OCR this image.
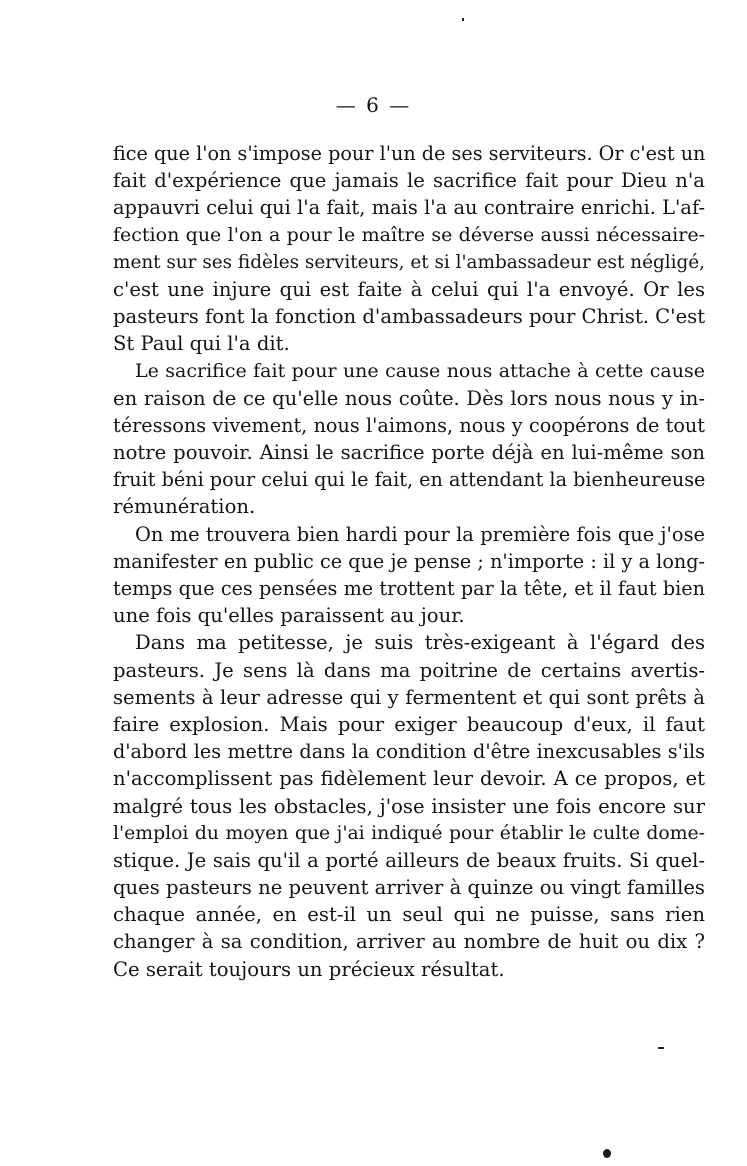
— 6 —
fice que l'on s'impose pour l'un de ses serviteurs. Or c'est un
fait d'expérience que jamais le sacrifice fait pour Dieu n'a
appauvri celui qui l'a fait, mais l'a au contraire enrichi. L'af-
fection que l'on a pour le maître se déverse aussi nécessaire-
ment sur ses fidèles serviteurs, et si l'ambassadeur est négligé,
c'est une injure qui est faite à celui qui l'a envoyé. Or les
pasteurs font la fonction d'ambassadeurs pour Christ. C'est
St Paul qui l'a dit.
Le sacrifice fait pour une cause nous attache à cette cause
en raison de ce qu'elle nous coûte. Dès lors nous nous y in-
téressons vivement, nous l'aimons, nous y coopérons de tout
notre pouvoir. Ainsi le sacrifice porte déjà en lui-même son
fruit béni pour celui qui le fait, en attendant la bienheureuse
rémunération.
On me trouvera bien hardi pour la première fois que j'ose
manifester en public ce que je pense ; n'importe : il y a long-
temps que ces pensées me trottent par la tête, et il faut bien
une fois qu'elles paraissent au jour.
Dans ma petitesse, je suis très-exigeant à l'égard des
pasteurs. Je sens là dans ma poitrine de certains avertis-
sements à leur adresse qui y fermentent et qui sont prêts à
faire explosion. Mais pour exiger beaucoup d'eux, il faut
d'abord les mettre dans la condition d'être inexcusables s'ils
n'accomplissent pas fidèlement leur devoir. A ce propos, et
malgré tous les obstacles, j'ose insister une fois encore sur
l'emploi du moyen que j'ai indiqué pour établir le culte dome-
stique. Je sais qu'il a porté ailleurs de beaux fruits. Si quel-
ques pasteurs ne peuvent arriver à quinze ou vingt familles
chaque année, en est-il un seul qui ne puisse, sans rien
changer à sa condition, arriver au nombre de huit ou dix ?
Ce serait toujours un précieux résultat.
